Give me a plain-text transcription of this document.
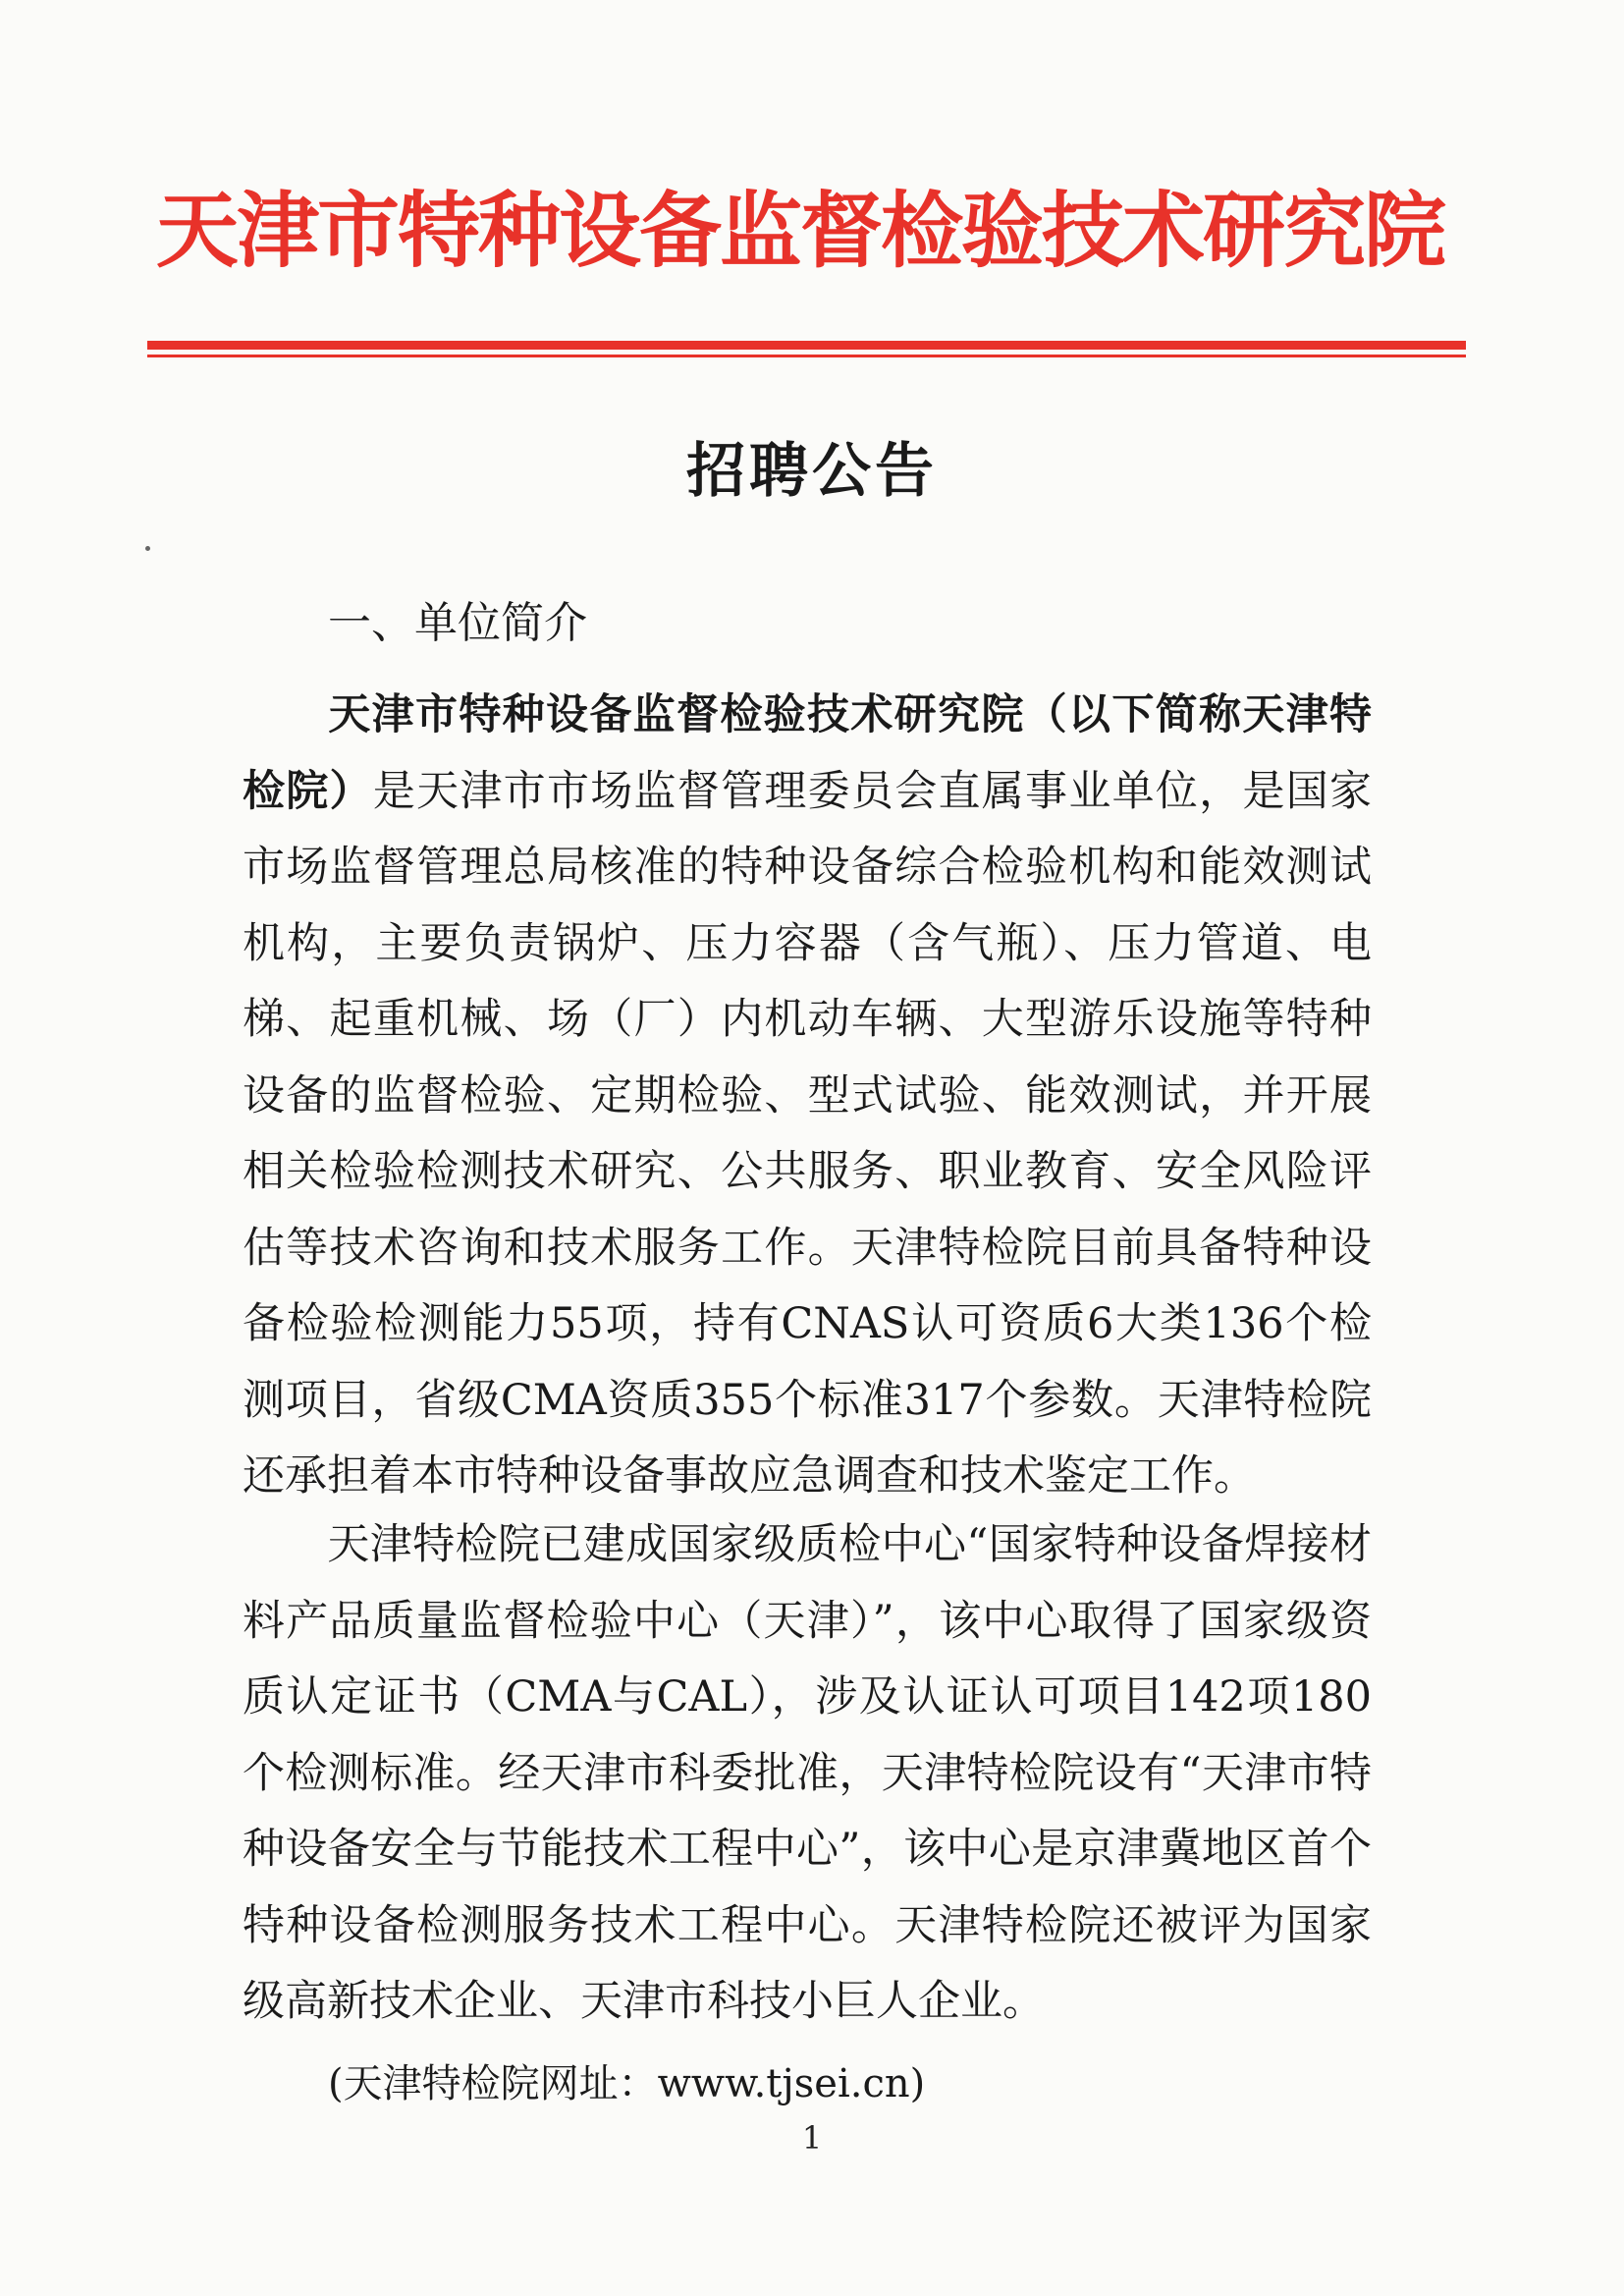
天津市特种设备监督检验技术研究院
招聘公告
一、单位简介

天津市特种设备监督检验技术研究院（以下简称天津特检院）是天津市市场监督管理委员会直属事业单位，是国家市场监督管理总局核准的特种设备综合检验机构和能效测试机构，主要负责锅炉、压力容器（含气瓶）、压力管道、电梯、起重机械、场（厂）内机动车辆、大型游乐设施等特种设备的监督检验、定期检验、型式试验、能效测试，并开展相关检验检测技术研究、公共服务、职业教育、安全风险评估等技术咨询和技术服务工作。天津特检院目前具备特种设备检验检测能力55项，持有CNAS认可资质6大类136个检测项目，省级CMA资质355个标准317个参数。天津特检院还承担着本市特种设备事故应急调查和技术鉴定工作。

天津特检院已建成国家级质检中心“国家特种设备焊接材料产品质量监督检验中心（天津）”，该中心取得了国家级资质认定证书（CMA与CAL），涉及认证认可项目142项180个检测标准。经天津市科委批准，天津特检院设有“天津市特种设备安全与节能技术工程中心”，该中心是京津冀地区首个特种设备检测服务技术工程中心。天津特检院还被评为国家级高新技术企业、天津市科技小巨人企业。

(天津特检院网址：www.tjsei.cn)
1
